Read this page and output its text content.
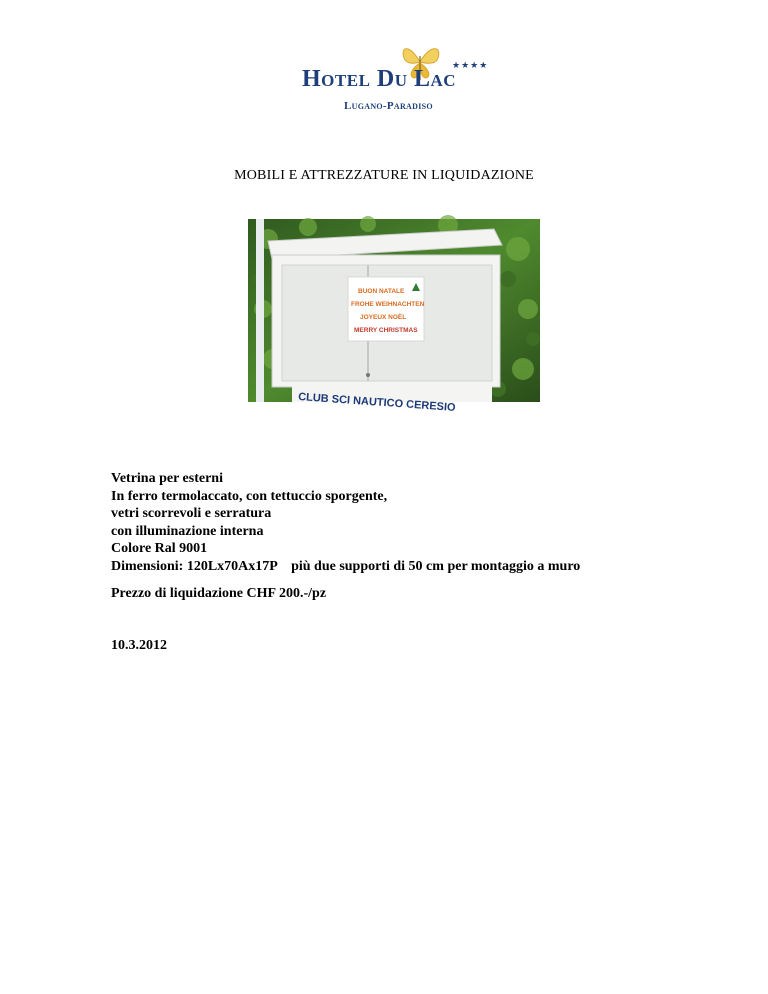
Hotel Du Lac
★★★★
Lugano-Paradiso
MOBILI E ATTREZZATURE IN LIQUIDAZIONE
BUON NATALE
FROHE WEIHNACHTEN
JOYEUX NOËL
MERRY CHRISTMAS
CLUB SCI NAUTICO CERESIO
Vetrina per esterni
In ferro termolaccato, con tettuccio sporgente,
vetri scorrevoli e serratura
con illuminazione interna
Colore Ral 9001
Dimensioni: 120Lx70Ax17P    più due supporti di 50 cm per montaggio a muro
Prezzo di liquidazione CHF 200.-/pz
10.3.2012
